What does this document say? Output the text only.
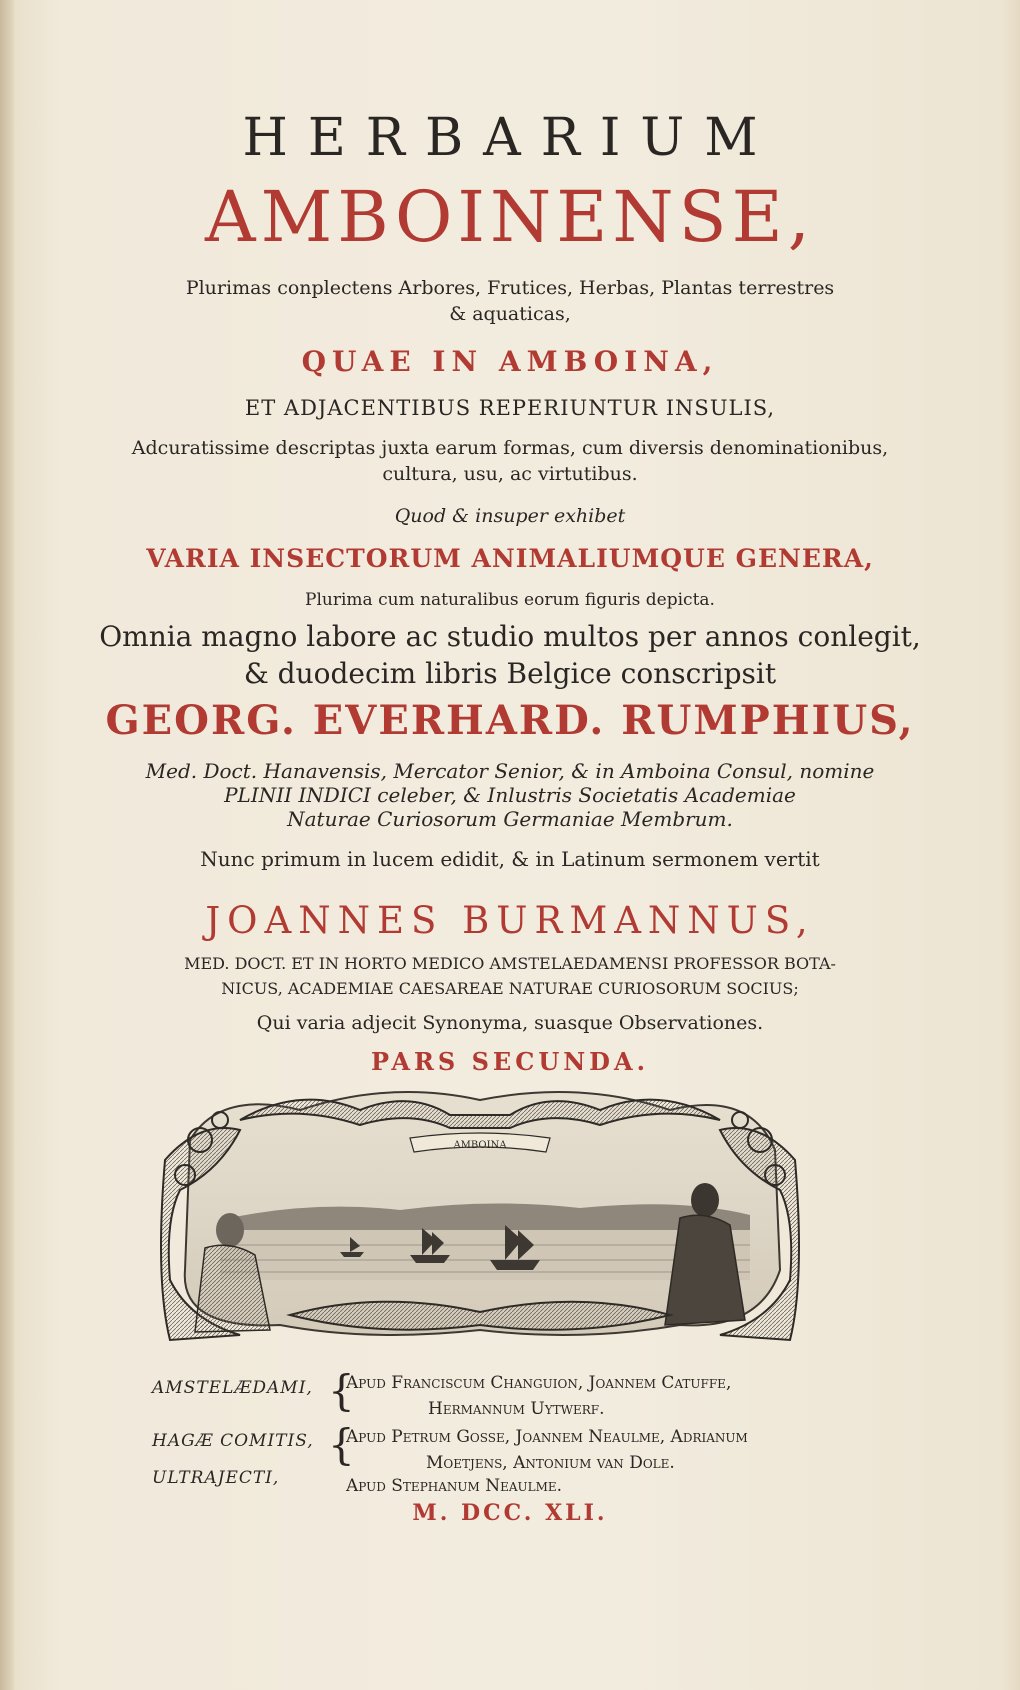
HERBARIUM
AMBOINENSE,
Plurimas conplectens Arbores, Frutices, Herbas, Plantas terrestres
& aquaticas,
QUAE IN AMBOINA,
ET ADJACENTIBUS REPERIUNTUR INSULIS,
Adcuratissime descriptas juxta earum formas, cum diversis denominationibus,
cultura, usu, ac virtutibus.
Quod & insuper exhibet
VARIA INSECTORUM ANIMALIUMQUE GENERA,
Plurima cum naturalibus eorum figuris depicta.
Omnia magno labore ac studio multos per annos conlegit,
& duodecim libris Belgice conscripsit
GEORG. EVERHARD. RUMPHIUS,
Med. Doct. Hanavensis, Mercator Senior, & in Amboina Consul, nomine
PLINII INDICI celeber, & Inlustris Societatis Academiae
Naturae Curiosorum Germaniae Membrum.
Nunc primum in lucem edidit, & in Latinum sermonem vertit
JOANNES BURMANNUS,
MED. DOCT. ET IN HORTO MEDICO AMSTELAEDAMENSI PROFESSOR BOTA-
NICUS, ACADEMIAE CAESAREAE NATURAE CURIOSORUM SOCIUS;
Qui varia adjecit Synonyma, suasque Observationes.
PARS SECUNDA.
AMBOINA
AMSTELÆDAMI, {
Apud Franciscum Changuion, Joannem Catuffe,
Hermannum Uytwerf.
HAGÆ COMITIS, {
Apud Petrum Gosse, Joannem Neaulme, Adrianum
Moetjens, Antonium van Dole.
ULTRAJECTI,	Apud Stephanum Neaulme.
M. DCC. XLI.
